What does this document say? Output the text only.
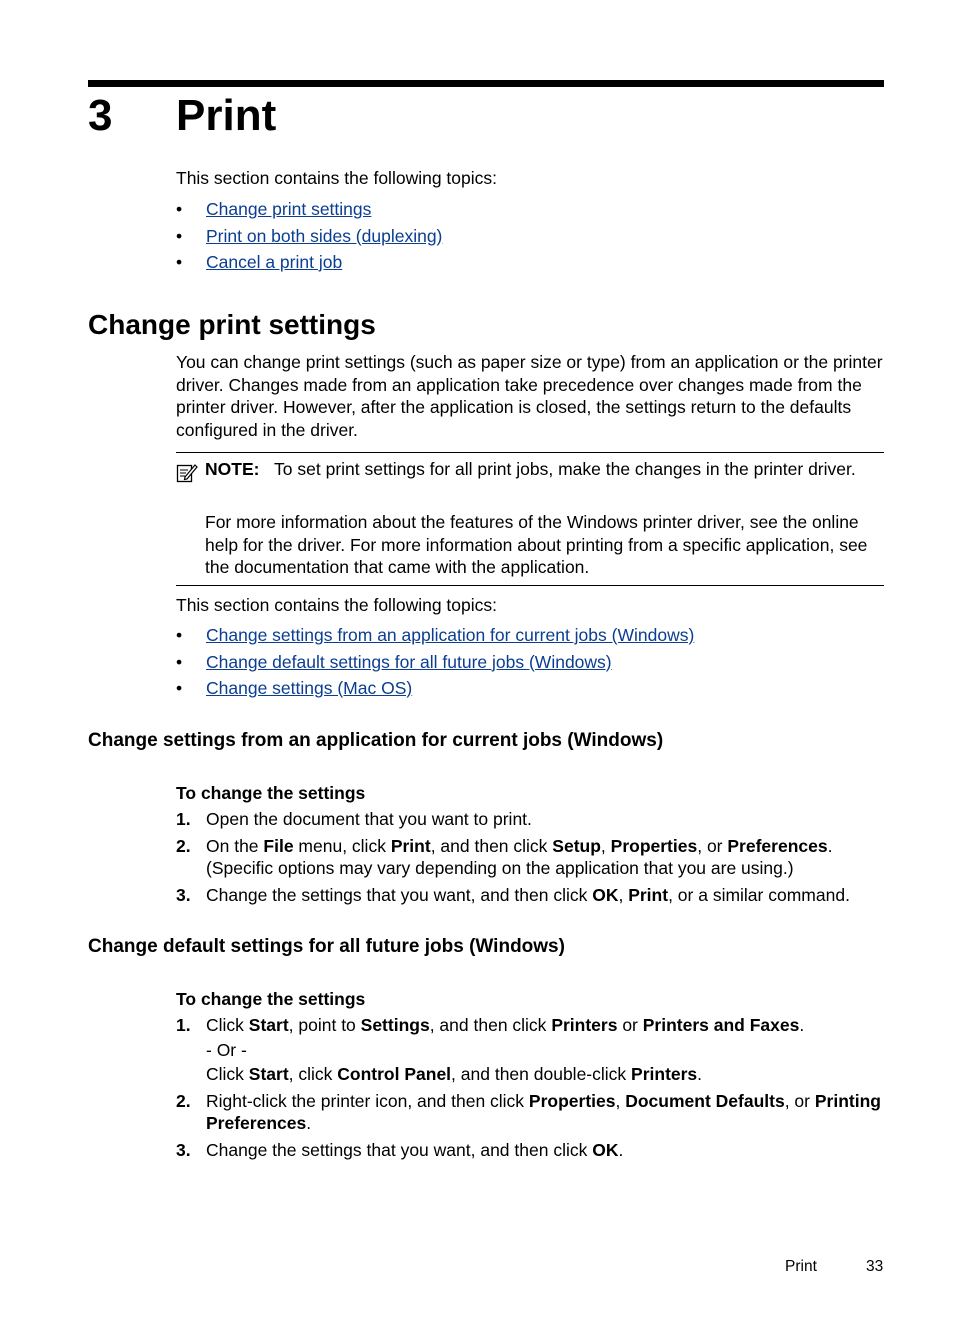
3 Print
This section contains the following topics:
• Change print settings
• Print on both sides (duplexing)
• Cancel a print job
Change print settings
You can change print settings (such as paper size or type) from an application or the printer driver. Changes made from an application take precedence over changes made from the printer driver. However, after the application is closed, the settings return to the defaults configured in the driver.
NOTE: To set print settings for all print jobs, make the changes in the printer driver.
For more information about the features of the Windows printer driver, see the online help for the driver. For more information about printing from a specific application, see the documentation that came with the application.
This section contains the following topics:
• Change settings from an application for current jobs (Windows)
• Change default settings for all future jobs (Windows)
• Change settings (Mac OS)
Change settings from an application for current jobs (Windows)
To change the settings
1. Open the document that you want to print.
2. On the File menu, click Print, and then click Setup, Properties, or Preferences. (Specific options may vary depending on the application that you are using.)
3. Change the settings that you want, and then click OK, Print, or a similar command.
Change default settings for all future jobs (Windows)
To change the settings
1. Click Start, point to Settings, and then click Printers or Printers and Faxes.
- Or -
Click Start, click Control Panel, and then double-click Printers.
2. Right-click the printer icon, and then click Properties, Document Defaults, or Printing Preferences.
3. Change the settings that you want, and then click OK.
Print	33
